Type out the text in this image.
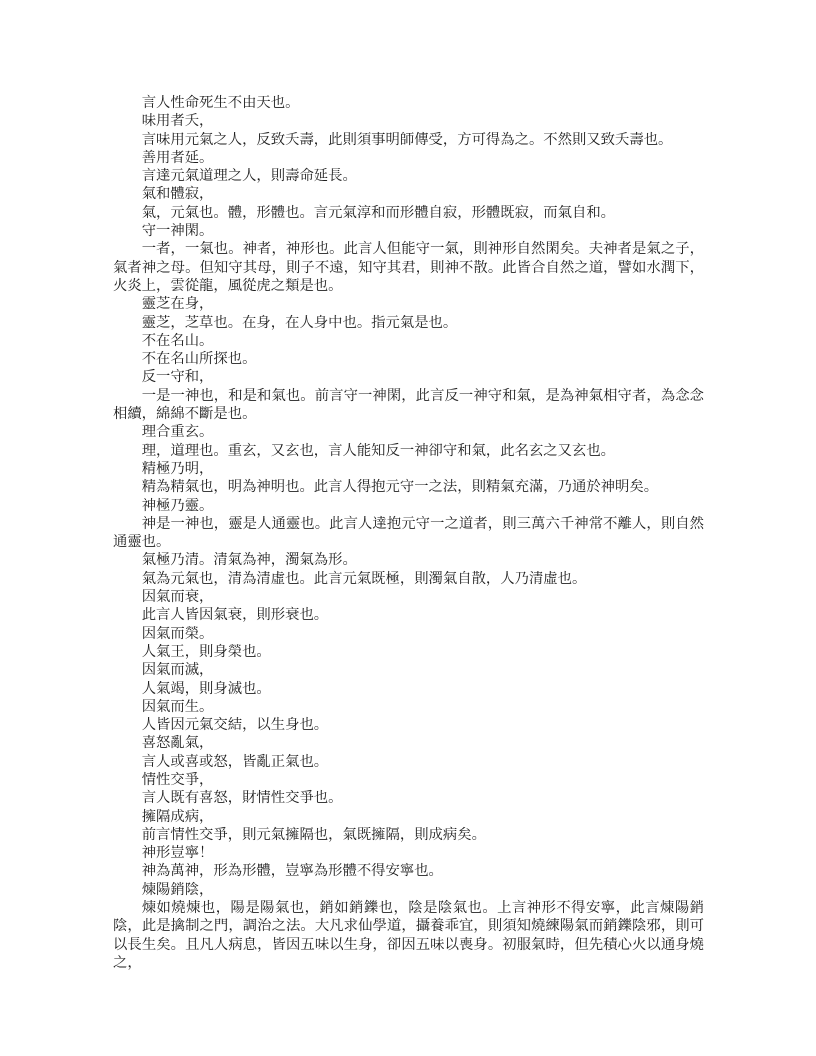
言人性命死生不由天也。

味用者夭，

言味用元氣之人，反致夭壽，此則須事明師傳受，方可得為之。不然則又致夭壽也。

善用者延。

言達元氣道理之人，則壽命延長。

氣和體寂，

氣，元氣也。體，形體也。言元氣淳和而形體自寂，形體既寂，而氣自和。

守一神閑。

一者，一氣也。神者，神形也。此言人但能守一氣，則神形自然閑矣。夫神者是氣之子，氣者神之母。但知守其母，則子不遠，知守其君，則神不散。此皆合自然之道，譬如水潤下，火炎上，雲從龍，風從虎之類是也。

靈芝在身，

靈芝，芝草也。在身，在人身中也。指元氣是也。

不在名山。

不在名山所探也。

反一守和，

一是一神也，和是和氣也。前言守一神閑，此言反一神守和氣，是為神氣相守者，為念念相續，綿綿不斷是也。

理合重玄。

理，道理也。重玄，又玄也，言人能知反一神卻守和氣，此名玄之又玄也。

精極乃明，

精為精氣也，明為神明也。此言人得抱元守一之法，則精氣充滿，乃通於神明矣。

神極乃靈。

神是一神也，靈是人通靈也。此言人達抱元守一之道者，則三萬六千神常不離人，則自然通靈也。

氣極乃清。清氣為神，濁氣為形。

氣為元氣也，清為清虛也。此言元氣既極，則濁氣自散，人乃清虛也。

因氣而衰，

此言人皆因氣衰，則形衰也。

因氣而榮。

人氣王，則身榮也。

因氣而滅，

人氣竭，則身滅也。

因氣而生。

人皆因元氣交結，以生身也。

喜怒亂氣，

言人或喜或怒，皆亂正氣也。

情性交爭，

言人既有喜怒，財情性交爭也。

擁隔成病，

前言情性交爭，則元氣擁隔也，氣既擁隔，則成病矣。

神形豈寧！

神為萬神，形為形體，豈寧為形體不得安寧也。

煉陽銷陰，

煉如燒煉也，陽是陽氣也，銷如銷鑠也，陰是陰氣也。上言神形不得安寧，此言煉陽銷陰，此是擒制之門，調治之法。大凡求仙學道，攝養乖宜，則須知燒練陽氣而銷鑠陰邪，則可以長生矣。且凡人病息，皆因五味以生身，卻因五味以喪身。初服氣時，但先積心火以通身燒之，
